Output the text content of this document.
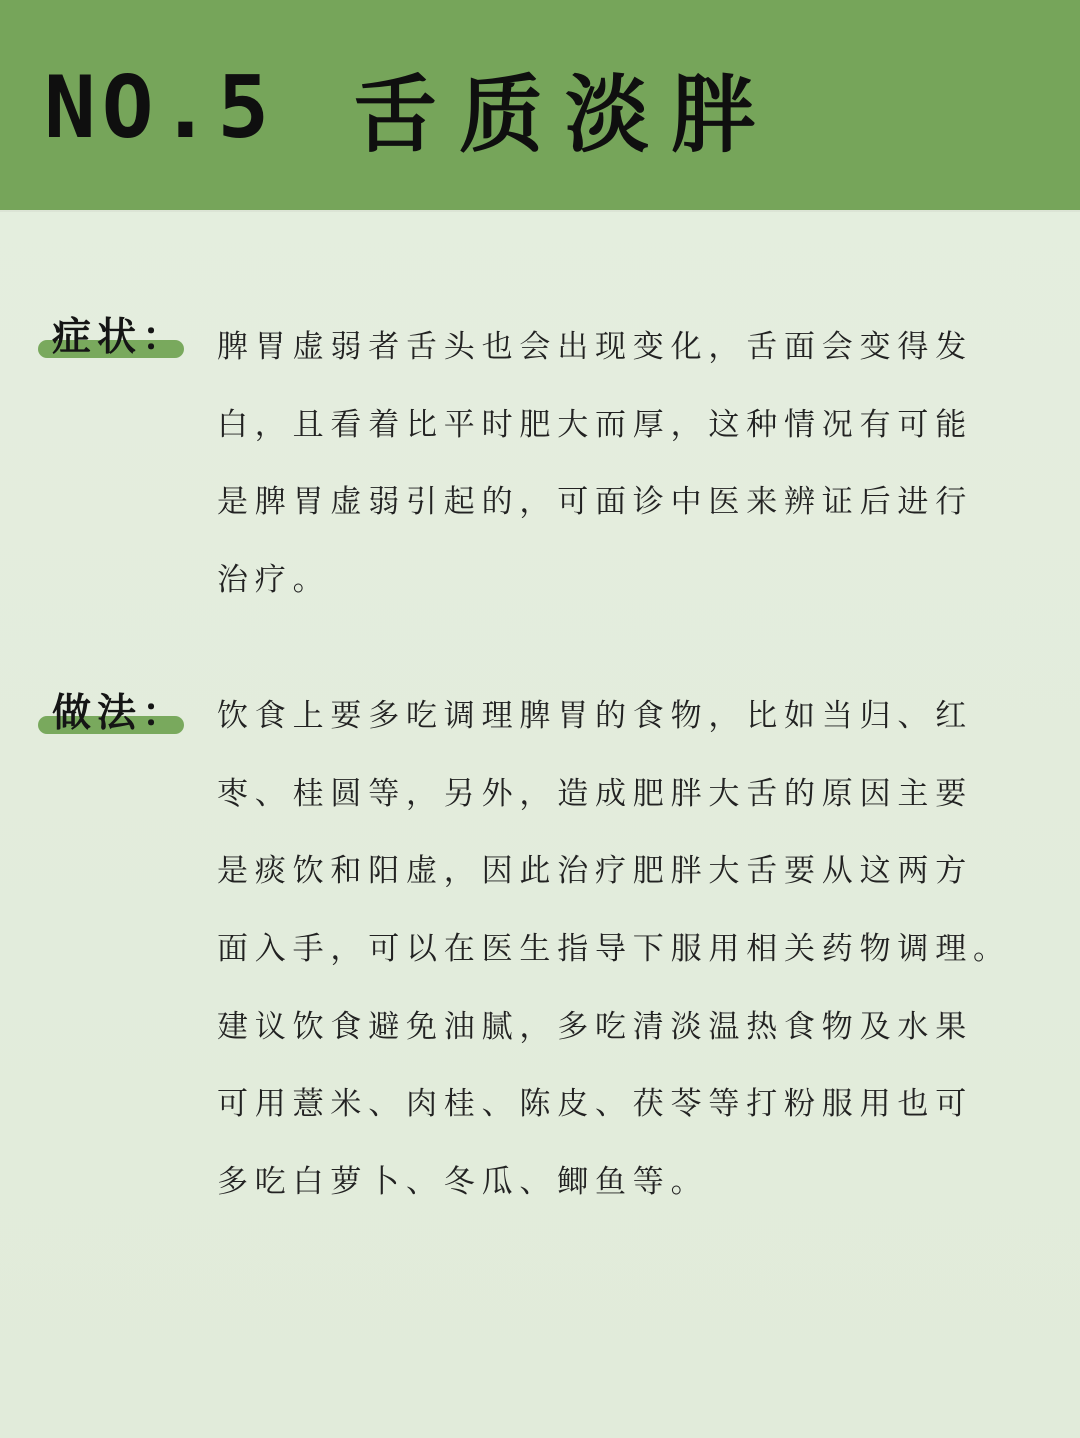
NO.5 舌质淡胖
症状： 脾胃虚弱者舌头也会出现变化，舌面会变得发
白，且看着比平时肥大而厚，这种情况有可能
是脾胃虚弱引起的，可面诊中医来辨证后进行
治疗。
做法： 饮食上要多吃调理脾胃的食物，比如当归、红
枣、桂圆等，另外，造成肥胖大舌的原因主要
是痰饮和阳虚，因此治疗肥胖大舌要从这两方
面入手，可以在医生指导下服用相关药物调理。
建议饮食避免油腻，多吃清淡温热食物及水果
可用薏米、肉桂、陈皮、茯苓等打粉服用也可
多吃白萝卜、冬瓜、鲫鱼等。
